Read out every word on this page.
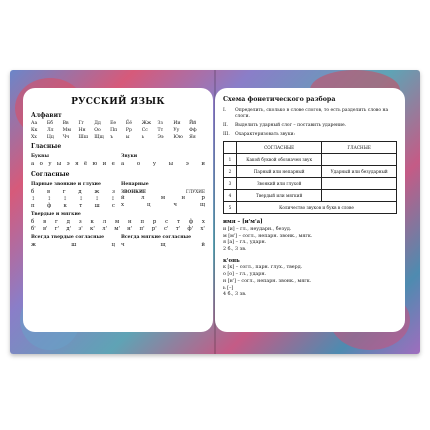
РУССКИЙ ЯЗЫК
Алфавит
Аа	Бб	Вв	Гг	Дд	Ее	Ёё	Жж	Зз	Ии	Йй
Кк	Лл	Мм	Нн	Оо	Пп	Рр	Сс	Тт	Уу	Фф
Хх	Цц	Чч	Шш	Щщ	ъ	ы	ь	Ээ	Юю	Яя
Гласные
Буквы
а о у ы э я ё ю и е
Звуки
а о у ы э и
Согласные
Парные звонкие и глухие
б в г д ж з
↕ ↕ ↕ ↕ ↕ ↕
п ф к т ш с
Непарные
ЗВОНКИЕ	ГЛУХИЕ
й	л	м	н	р
х	ц	ч	щ
Твердые и мягкие
б в г д з к л м н п р с т ф х
б' в' г' д' з' к' л' м' н' п' р' с' т' ф' х'
Всегда твердые согласные
ж	ш	ц
Всегда мягкие согласные
ч	щ	й
Схема фонетического разбора
I.	Определить, сколько в слове слогов, то есть разделить слово на слоги.
II.	Выделить ударный слог – поставить ударение.
III.	Охарактеризовать звуки:
	СОГЛАСНЫЕ	ГЛАСНЫЕ
1	Какой буквой обозначен звук	
2	Парный или непарный	Ударный или безударный
3	Звонкий или глухой	
4	Твердый или мягкий	
5	Количество звуков и букв в слове	
имя – [и'м'а]
и [и] – гл., неударн., безуд.
м [м'] – согл., непарн. звонк., мягк.
я [а] – гл., ударн.
2 б., 3 зв.
к'онь
к [к] – согл., парн. глух., тверд.
о [о] – гл., ударн.
н [н'] – согл., непарн. звонк., мягк.
ь [–]
4 б., 3 зв.
